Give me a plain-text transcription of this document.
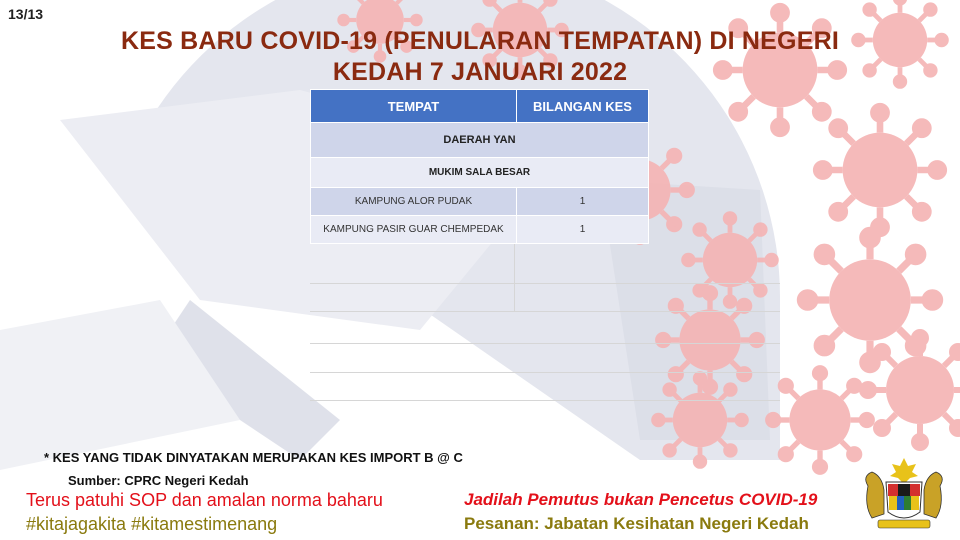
13/13
KES BARU COVID-19 (PENULARAN TEMPATAN) DI NEGERI
KEDAH 7 JANUARI 2022
TEMPAT	BILANGAN KES
DAERAH YAN	
MUKIM SALA BESAR	
KAMPUNG ALOR PUDAK	1
KAMPUNG PASIR GUAR CHEMPEDAK	1
* KES YANG TIDAK DINYATAKAN MERUPAKAN KES IMPORT B @ C
Sumber: CPRC Negeri Kedah
Terus patuhi SOP dan amalan norma baharu
#kitajagakita #kitamestimenang
Jadilah Pemutus bukan Pencetus COVID-19
Pesanan: Jabatan Kesihatan Negeri Kedah
